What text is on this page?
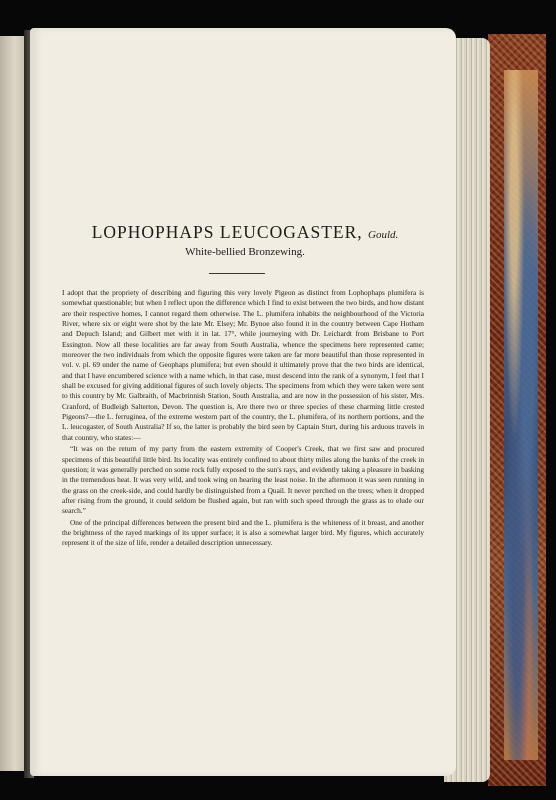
LOPHOPHAPS LEUCOGASTER, Gould.
White-bellied Bronzewing.

I adopt that the propriety of describing and figuring this very lovely Pigeon as distinct from Lophophaps plumifera is somewhat questionable; but when I reflect upon the difference which I find to exist between the two birds, and how distant are their respective homes, I cannot regard them otherwise. The L. plumifera inhabits the neighbourhood of the Victoria River, where six or eight were shot by the late Mr. Elsey; Mr. Bynoe also found it in the country between Cape Hotham and Depuch Island; and Gilbert met with it in lat. 17°, while journeying with Dr. Leichardt from Brisbane to Port Essington. Now all these localities are far away from South Australia, whence the specimens here represented came; moreover the two individuals from which the opposite figures were taken are far more beautiful than those represented in vol. v. pl. 69 under the name of Geophaps plumifera; but even should it ultimately prove that the two birds are identical, and that I have encumbered science with a name which, in that case, must descend into the rank of a synonym, I feel that I shall be excused for giving additional figures of such lovely objects. The specimens from which they were taken were sent to this country by Mr. Galbraith, of Macbrinnish Station, South Australia, and are now in the possession of his sister, Mrs. Cranford, of Budleigh Salterton, Devon. The question is, Are there two or three species of these charming little crested Pigeons?—the L. ferruginea, of the extreme western part of the country, the L. plumifera, of its northern portions, and the L. leucogaster, of South Australia? If so, the latter is probably the bird seen by Captain Sturt, during his arduous travels in that country, who states:—

“It was on the return of my party from the eastern extremity of Cooper's Creek, that we first saw and procured specimens of this beautiful little bird. Its locality was entirely confined to about thirty miles along the banks of the creek in question; it was generally perched on some rock fully exposed to the sun's rays, and evidently taking a pleasure in basking in the tremendous heat. It was very wild, and took wing on hearing the least noise. In the afternoon it was seen running in the grass on the creek-side, and could hardly be distinguished from a Quail. It never perched on the trees; when it dropped after rising from the ground, it could seldom be flushed again, but ran with such speed through the grass as to elude our search.”

One of the principal differences between the present bird and the L. plumifera is the whiteness of it breast, and another the brightness of the rayed markings of its upper surface; it is also a somewhat larger bird. My figures, which accurately represent it of the size of life, render a detailed description unnecessary.
